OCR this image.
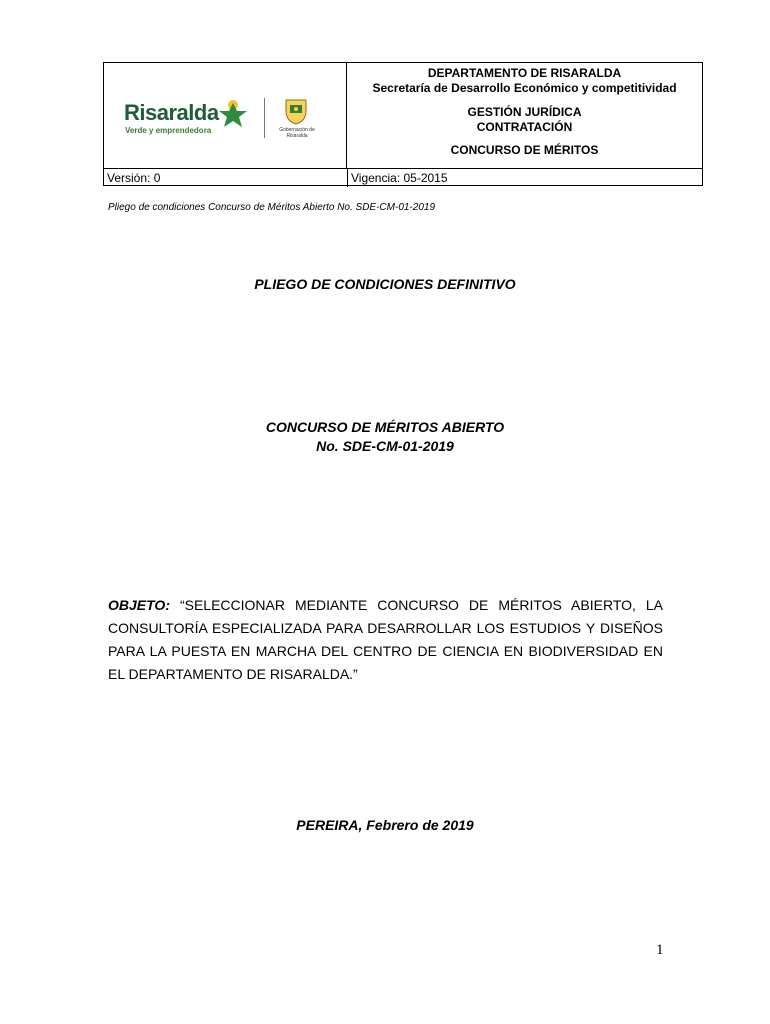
Risaralda
Verde y emprendedora	Gobernación de Risaralda
DEPARTAMENTO DE RISARALDA
Secretaría de Desarrollo Económico y competitividad
GESTIÓN JURÍDICA
CONTRATACIÓN
CONCURSO DE MÉRITOS
Versión: 0	Vigencia: 05-2015
Pliego de condiciones Concurso de Méritos Abierto No. SDE-CM-01-2019
PLIEGO DE CONDICIONES DEFINITIVO
CONCURSO DE MÉRITOS ABIERTO
No. SDE-CM-01-2019
OBJETO: “SELECCIONAR MEDIANTE CONCURSO DE MÉRITOS ABIERTO, LA CONSULTORÍA ESPECIALIZADA PARA DESARROLLAR LOS ESTUDIOS Y DISEÑOS PARA LA PUESTA EN MARCHA DEL CENTRO DE CIENCIA EN BIODIVERSIDAD EN EL DEPARTAMENTO DE RISARALDA.”
PEREIRA, Febrero de 2019
1
